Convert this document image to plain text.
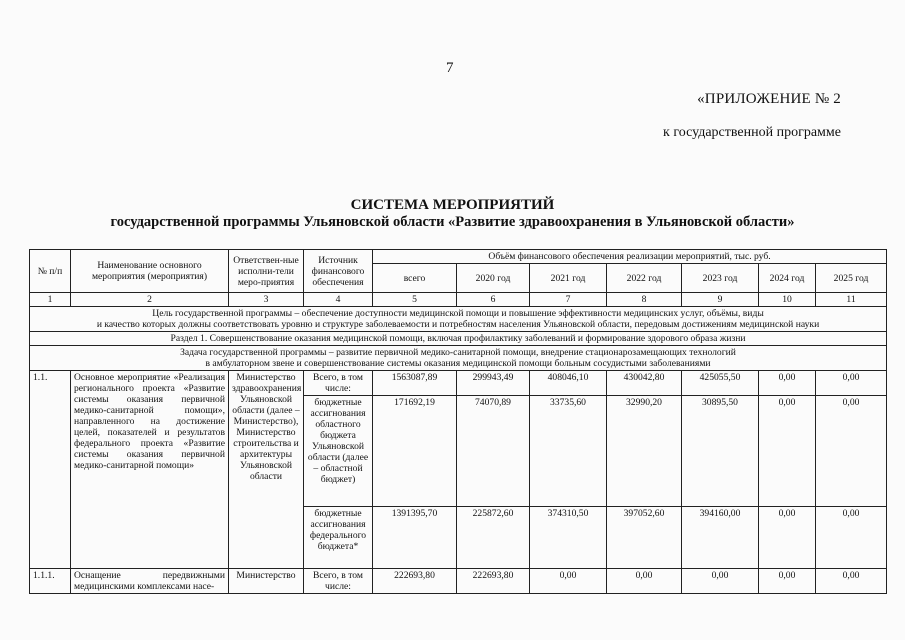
7
«ПРИЛОЖЕНИЕ № 2
к государственной программе
СИСТЕМА МЕРОПРИЯТИЙ
государственной программы Ульяновской области «Развитие здравоохранения в Ульяновской области»
№ п/п	Наименование основного мероприятия (мероприятия)	Ответствен-ные исполни-тели меро-приятия	Источник финансового обеспечения	Объём финансового обеспечения реализации мероприятий, тыс. руб.						
				всего	2020 год	2021 год	2022 год	2023 год	2024 год	2025 год
1	2	3	4	5	6	7	8	9	10	11

Цель государственной программы – обеспечение доступности медицинской помощи и повышение эффективности медицинских услуг, объёмы, виды
и качество которых должны соответствовать уровню и структуре заболеваемости и потребностям населения Ульяновской области, передовым достижениям медицинской науки										

Раздел 1. Совершенствование оказания медицинской помощи, включая профилактику заболеваний и формирование здорового образа жизни										

Задача государственной программы – развитие первичной медико-санитарной помощи, внедрение стационарозамещающих технологий
в амбулаторном звене и совершенствование системы оказания медицинской помощи больным сосудистыми заболеваниями										

1.1.	Основное мероприятие «Реализация регионального проекта «Развитие системы оказания первичной медико-санитарной помощи», направленного на достижение целей, показателей и результатов федерального проекта «Развитие системы оказания первичной медико-санитарной помощи»	Министерство здравоохранения Ульяновской области (далее – Министерство), Министерство строительства и архитектуры Ульяновской области	Всего, в том числе:	1563087,89	299943,49	408046,10	430042,80	425055,50	0,00	0,00
			бюджетные ассигнования областного бюджета Ульяновской области (далее – областной бюджет)	171692,19	74070,89	33735,60	32990,20	30895,50	0,00	0,00
			бюджетные ассигнования федерального бюджета*	1391395,70	225872,60	374310,50	397052,60	394160,00	0,00	0,00
1.1.1.	Оснащение передвижными медицинскими комплексами насе-	Министерство	Всего, в том числе:	222693,80	222693,80	0,00	0,00	0,00	0,00	0,00
